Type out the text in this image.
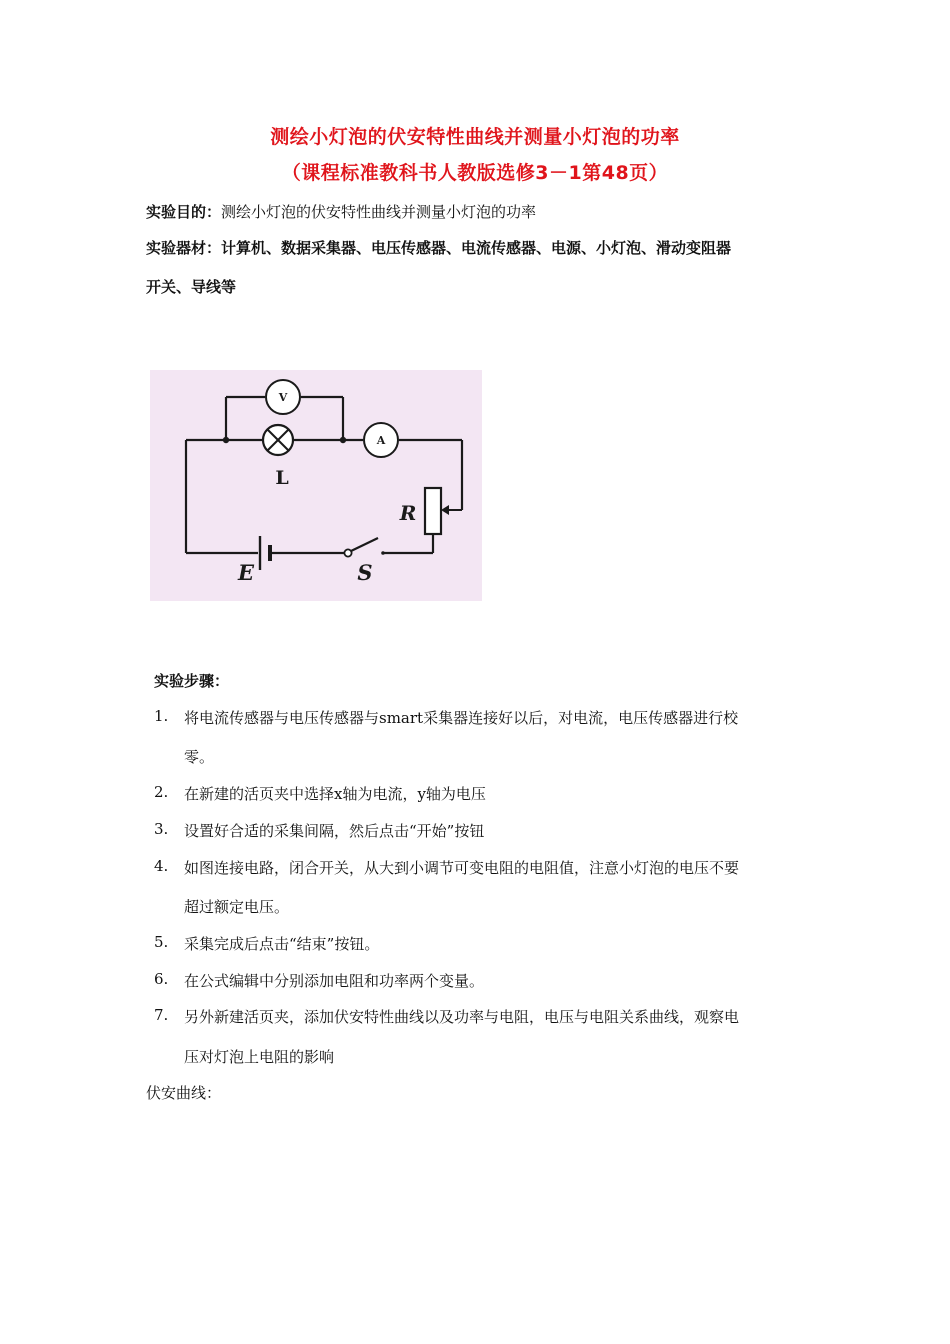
测绘小灯泡的伏安特性曲线并测量小灯泡的功率
（课程标准教科书人教版选修3－1第48页）
实验目的：测绘小灯泡的伏安特性曲线并测量小灯泡的功率
实验器材：计算机、数据采集器、电压传感器、电流传感器、电源、小灯泡、滑动变阻器
开关、导线等
V
L
A
R
E	S
实验步骤：
1. 将电流传感器与电压传感器与smart采集器连接好以后，对电流，电压传感器进行校
零。
2. 在新建的活页夹中选择x轴为电流，y轴为电压
3. 设置好合适的采集间隔，然后点击“开始”按钮
4. 如图连接电路，闭合开关，从大到小调节可变电阻的电阻值，注意小灯泡的电压不要
超过额定电压。
5. 采集完成后点击“结束”按钮。
6. 在公式编辑中分别添加电阻和功率两个变量。
7. 另外新建活页夹，添加伏安特性曲线以及功率与电阻，电压与电阻关系曲线，观察电
压对灯泡上电阻的影响
伏安曲线：
